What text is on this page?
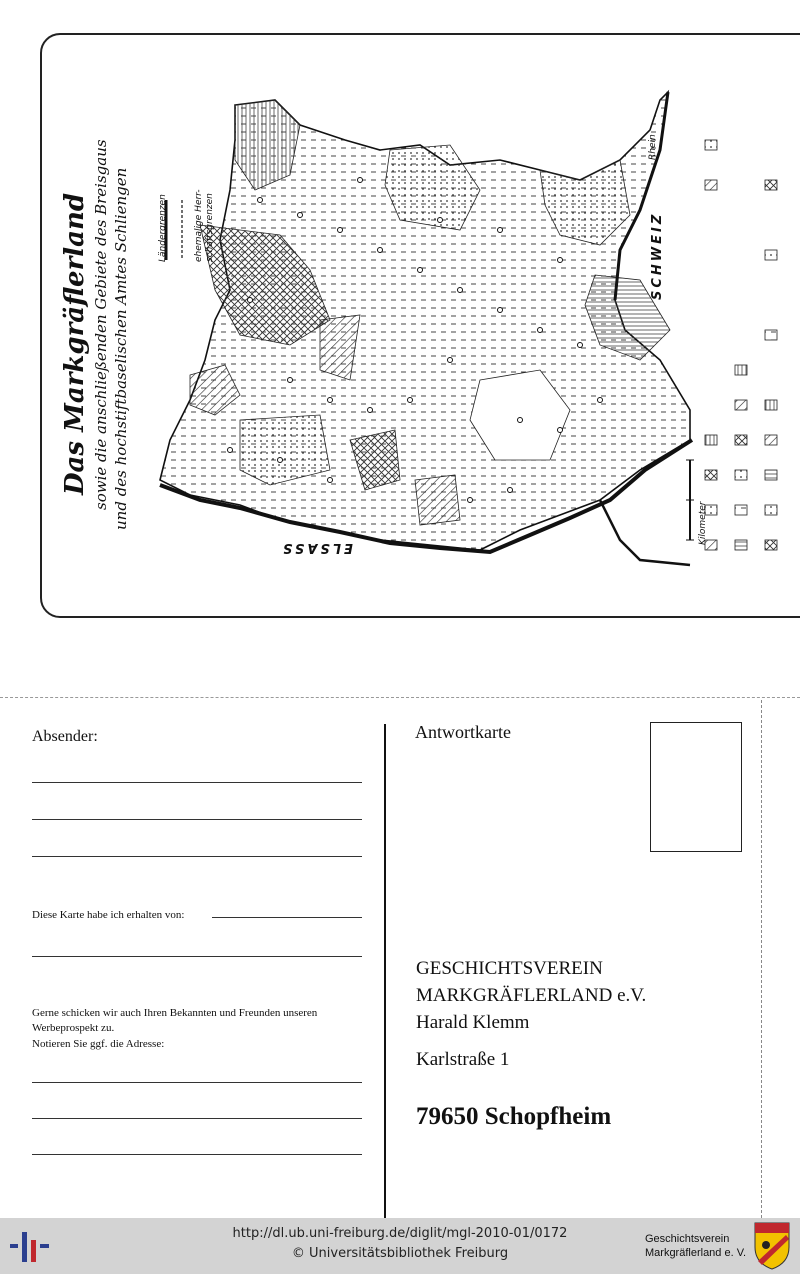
Das Markgräflerland sowie die anschließenden Gebiete des Breisgaus und des hochstiftbaselischen Amtes Schliengen	Ländergrenzen	ehemalige Herr- schaftsgrenzen
ELSASS
SCHWEIZ
Rhein
Kilometer
Absender:
Diese Karte habe ich erhalten von:
Gerne schicken wir auch Ihren Bekannten und Freunden unseren
Werbeprospekt zu.
Notieren Sie ggf. die Adresse:
Antwortkarte
GESCHICHTSVEREIN
MARKGRÄFLERLAND e.V.
Harald Klemm
Karlstraße 1
79650 Schopfheim
http://dl.ub.uni-freiburg.de/diglit/mgl-2010-01/0172
© Universitätsbibliothek Freiburg
Geschichtsverein
Markgräflerland e. V.
